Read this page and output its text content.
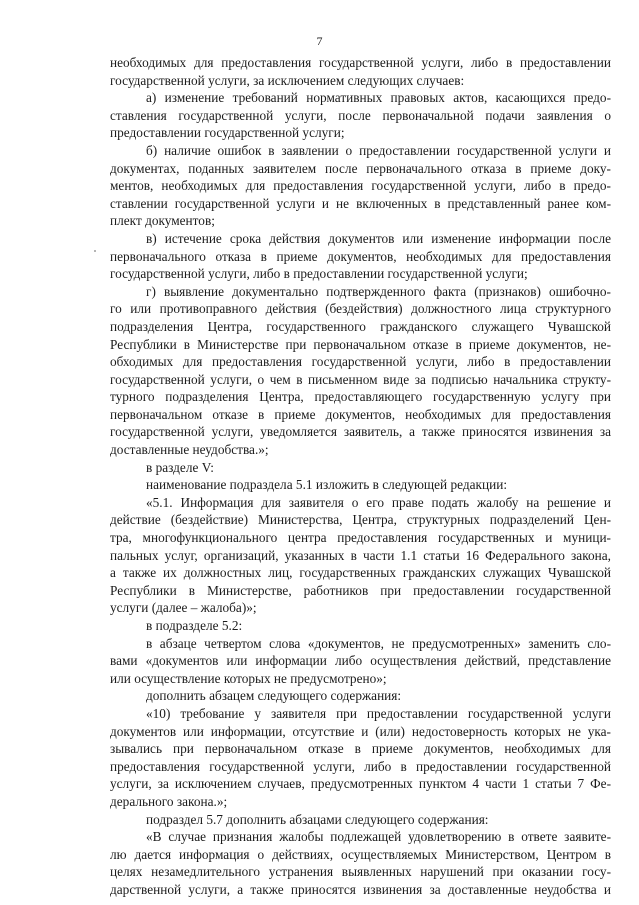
7
необходимых для предоставления государственной услуги, либо в предоставлении
государственной услуги, за исключением следующих случаев:
а) изменение требований нормативных правовых актов, касающихся предо-
ставления государственной услуги, после первоначальной подачи заявления о
предоставлении государственной услуги;
б) наличие ошибок в заявлении о предоставлении государственной услуги и
документах, поданных заявителем после первоначального отказа в приеме доку-
ментов, необходимых для предоставления государственной услуги, либо в предо-
ставлении государственной услуги и не включенных в представленный ранее ком-
плект документов;
в) истечение срока действия документов или изменение информации после
первоначального отказа в приеме документов, необходимых для предоставления
государственной услуги, либо в предоставлении государственной услуги;
г) выявление документально подтвержденного факта (признаков) ошибочно-
го или противоправного действия (бездействия) должностного лица структурного
подразделения Центра, государственного гражданского служащего Чувашской
Республики в Министерстве при первоначальном отказе в приеме документов, не-
обходимых для предоставления государственной услуги, либо в предоставлении
государственной услуги, о чем в письменном виде за подписью начальника структу-
турного подразделения Центра, предоставляющего государственную услугу при
первоначальном отказе в приеме документов, необходимых для предоставления
государственной услуги, уведомляется заявитель, а также приносятся извинения за
доставленные неудобства.»;
в разделе V:
наименование подраздела 5.1 изложить в следующей редакции:
«5.1. Информация для заявителя о его праве подать жалобу на решение и
действие (бездействие) Министерства, Центра, структурных подразделений Цен-
тра, многофункционального центра предоставления государственных и муници-
пальных услуг, организаций, указанных в части 1.1 статьи 16 Федерального закона,
а также их должностных лиц, государственных гражданских служащих Чувашской
Республики в Министерстве, работников при предоставлении государственной
услуги (далее – жалоба)»;
в подразделе 5.2:
в абзаце четвертом слова «документов, не предусмотренных» заменить сло-
вами «документов или информации либо осуществления действий, представление
или осуществление которых не предусмотрено»;
дополнить абзацем следующего содержания:
«10) требование у заявителя при предоставлении государственной услуги
документов или информации, отсутствие и (или) недостоверность которых не ука-
зывались при первоначальном отказе в приеме документов, необходимых для
предоставления государственной услуги, либо в предоставлении государственной
услуги, за исключением случаев, предусмотренных пунктом 4 части 1 статьи 7 Фе-
дерального закона.»;
подраздел 5.7 дополнить абзацами следующего содержания:
«В случае признания жалобы подлежащей удовлетворению в ответе заявите-
лю дается информация о действиях, осуществляемых Министерством, Центром в
целях незамедлительного устранения выявленных нарушений при оказании госу-
дарственной услуги, а также приносятся извинения за доставленные неудобства и
